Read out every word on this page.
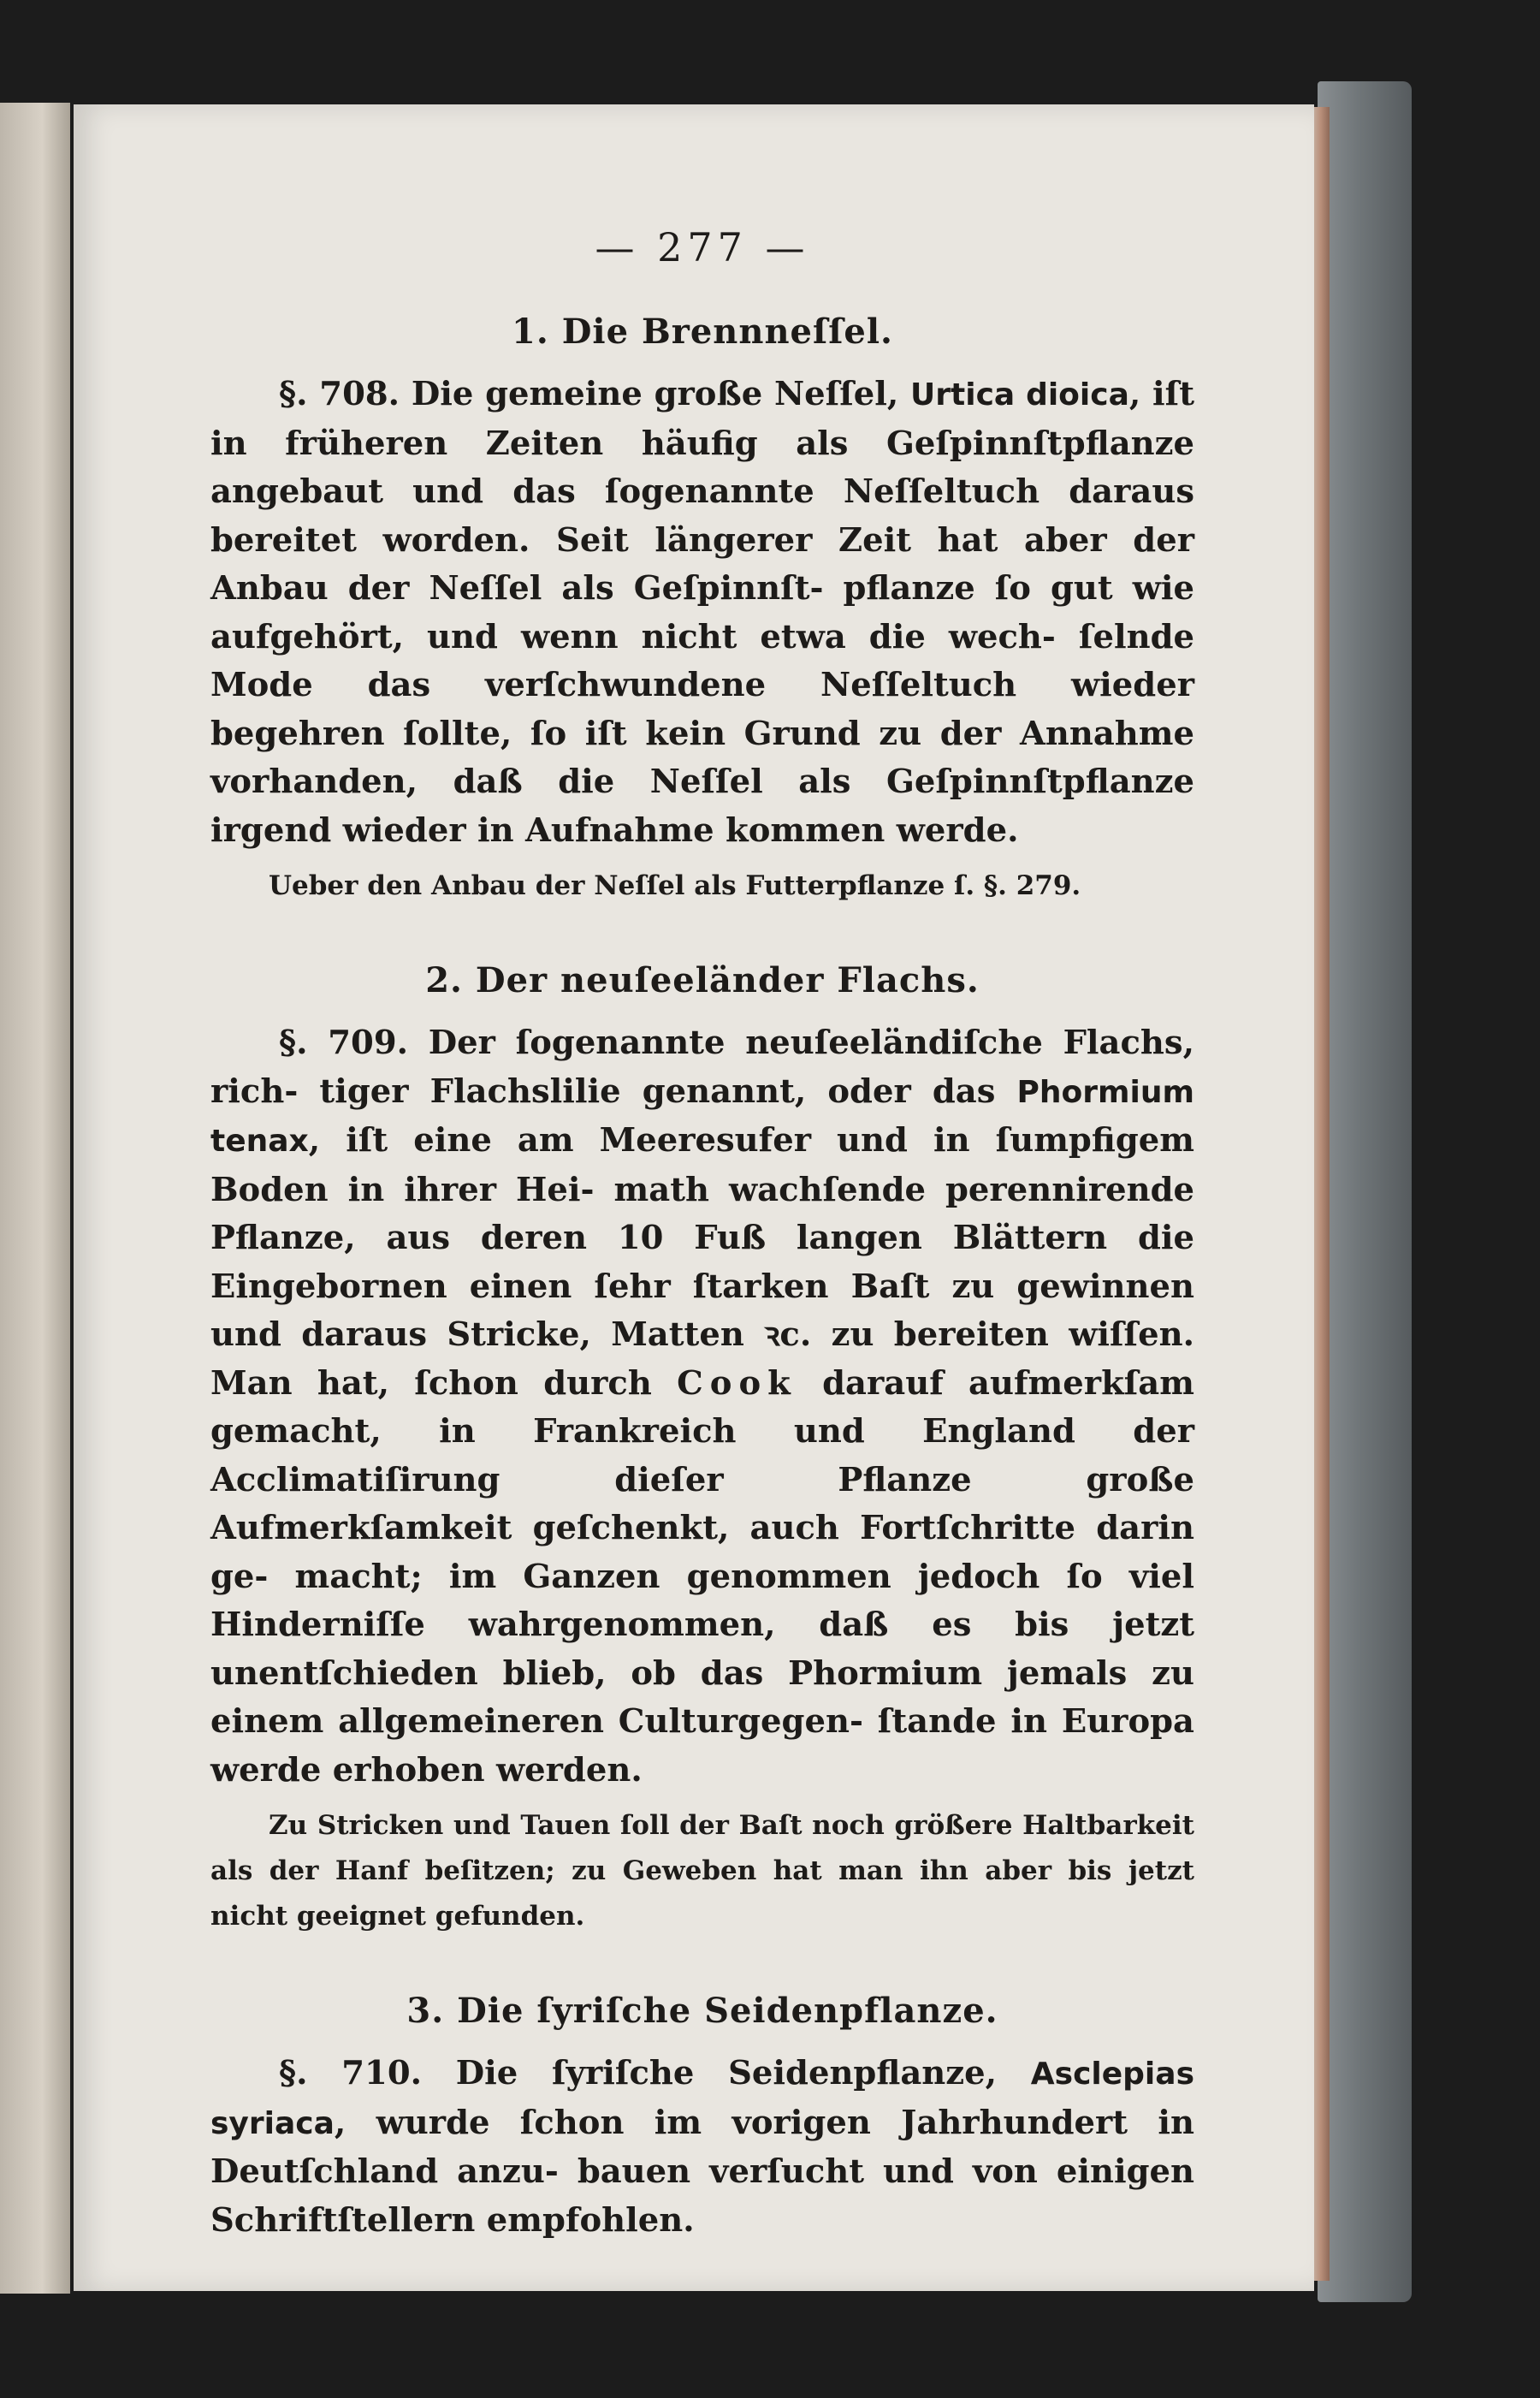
— 277 —
1. Die Brennneſſel.

§. 708. Die gemeine große Neſſel, Urtica dioica, iſt in früheren Zeiten häufig als Geſpinnſtpflanze angebaut und das ſogenannte Neſſeltuch daraus bereitet worden. Seit längerer Zeit hat aber der Anbau der Neſſel als Geſpinnſt- pflanze ſo gut wie aufgehört, und wenn nicht etwa die wech- ſelnde Mode das verſchwundene Neſſeltuch wieder begehren ſollte, ſo iſt kein Grund zu der Annahme vorhanden, daß die Neſſel als Geſpinnſtpflanze irgend wieder in Aufnahme kommen werde.

Ueber den Anbau der Neſſel als Futterpflanze ſ. §. 279.

2. Der neuſeeländer Flachs.

§. 709. Der ſogenannte neuſeeländiſche Flachs, rich- tiger Flachslilie genannt, oder das Phormium tenax, iſt eine am Meeresufer und in ſumpfigem Boden in ihrer Hei- math wachſende perennirende Pflanze, aus deren 10 Fuß langen Blättern die Eingebornen einen ſehr ſtarken Baſt zu gewinnen und daraus Stricke, Matten ꝛc. zu bereiten wiſſen. Man hat, ſchon durch Cook darauf aufmerkſam gemacht, in Frankreich und England der Acclimatiſirung dieſer Pflanze große Aufmerkſamkeit geſchenkt, auch Fortſchritte darin ge- macht; im Ganzen genommen jedoch ſo viel Hinderniſſe wahrgenommen, daß es bis jetzt unentſchieden blieb, ob das Phormium jemals zu einem allgemeineren Culturgegen- ſtande in Europa werde erhoben werden.

Zu Stricken und Tauen ſoll der Baſt noch größere Haltbarkeit als der Hanf beſitzen; zu Geweben hat man ihn aber bis jetzt nicht geeignet gefunden.

3. Die ſyriſche Seidenpflanze.

§. 710. Die ſyriſche Seidenpflanze, Asclepias syriaca, wurde ſchon im vorigen Jahrhundert in Deutſchland anzu- bauen verſucht und von einigen Schriftſtellern empfohlen.
